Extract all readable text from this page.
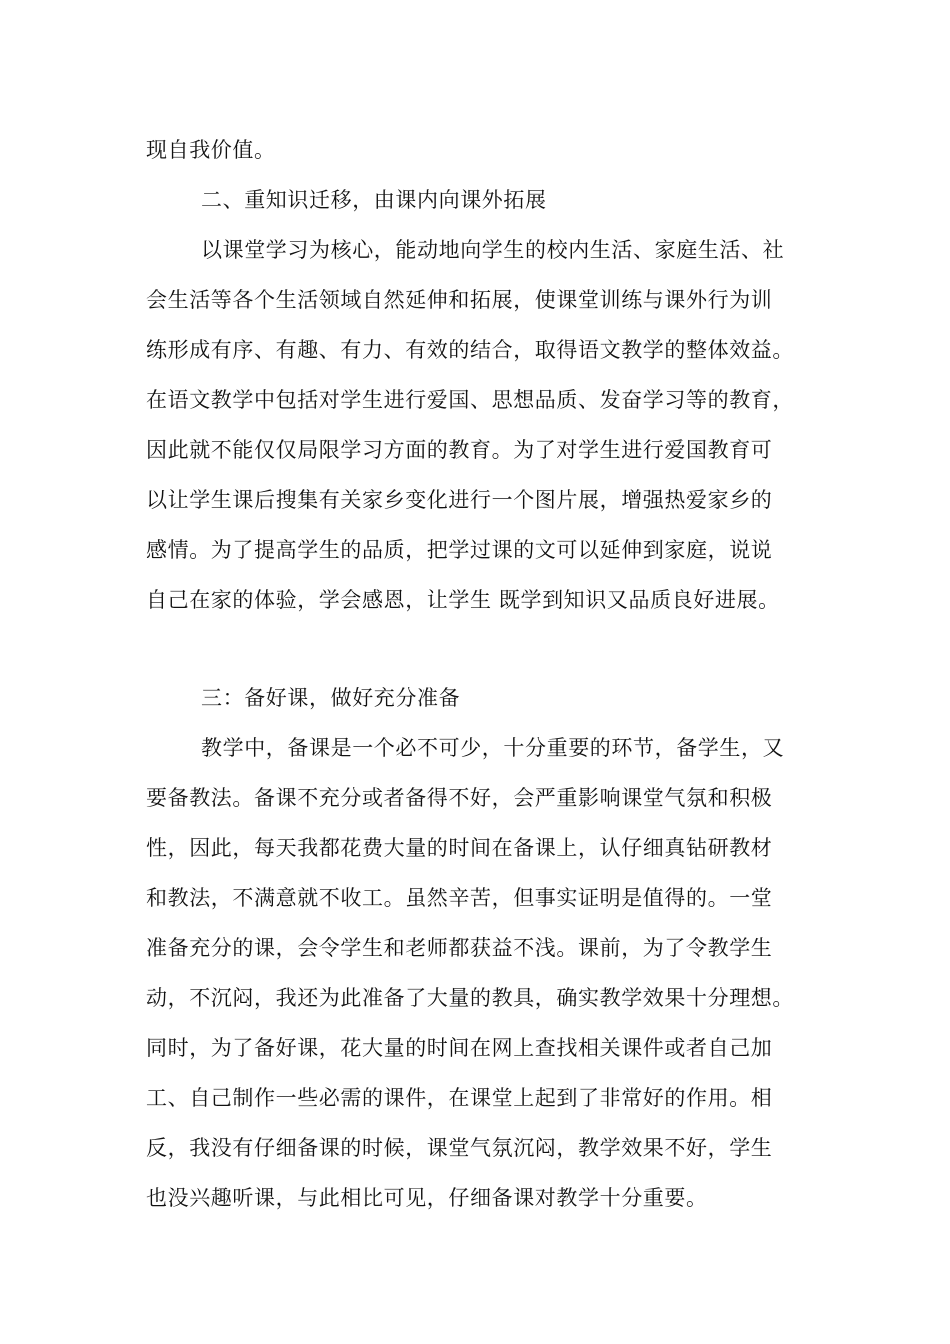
现自我价值。
二、重知识迁移，由课内向课外拓展
以课堂学习为核心，能动地向学生的校内生活、家庭生活、社
会生活等各个生活领域自然延伸和拓展，使课堂训练与课外行为训
练形成有序、有趣、有力、有效的结合，取得语文教学的整体效益。
在语文教学中包括对学生进行爱国、思想品质、发奋学习等的教育，
因此就不能仅仅局限学习方面的教育。为了对学生进行爱国教育可
以让学生课后搜集有关家乡变化进行一个图片展，增强热爱家乡的
感情。为了提高学生的品质，把学过课的文可以延伸到家庭，说说
自己在家的体验，学会感恩，让学生 既学到知识又品质良好进展。
三：备好课，做好充分准备
教学中，备课是一个必不可少，十分重要的环节，备学生，又
要备教法。备课不充分或者备得不好，会严重影响课堂气氛和积极
性，因此，每天我都花费大量的时间在备课上，认仔细真钻研教材
和教法，不满意就不收工。虽然辛苦，但事实证明是值得的。一堂
准备充分的课，会令学生和老师都获益不浅。课前，为了令教学生
动，不沉闷，我还为此准备了大量的教具，确实教学效果十分理想。
同时，为了备好课，花大量的时间在网上查找相关课件或者自己加
工、自己制作一些必需的课件，在课堂上起到了非常好的作用。相
反，我没有仔细备课的时候，课堂气氛沉闷，教学效果不好，学生
也没兴趣听课，与此相比可见，仔细备课对教学十分重要。
